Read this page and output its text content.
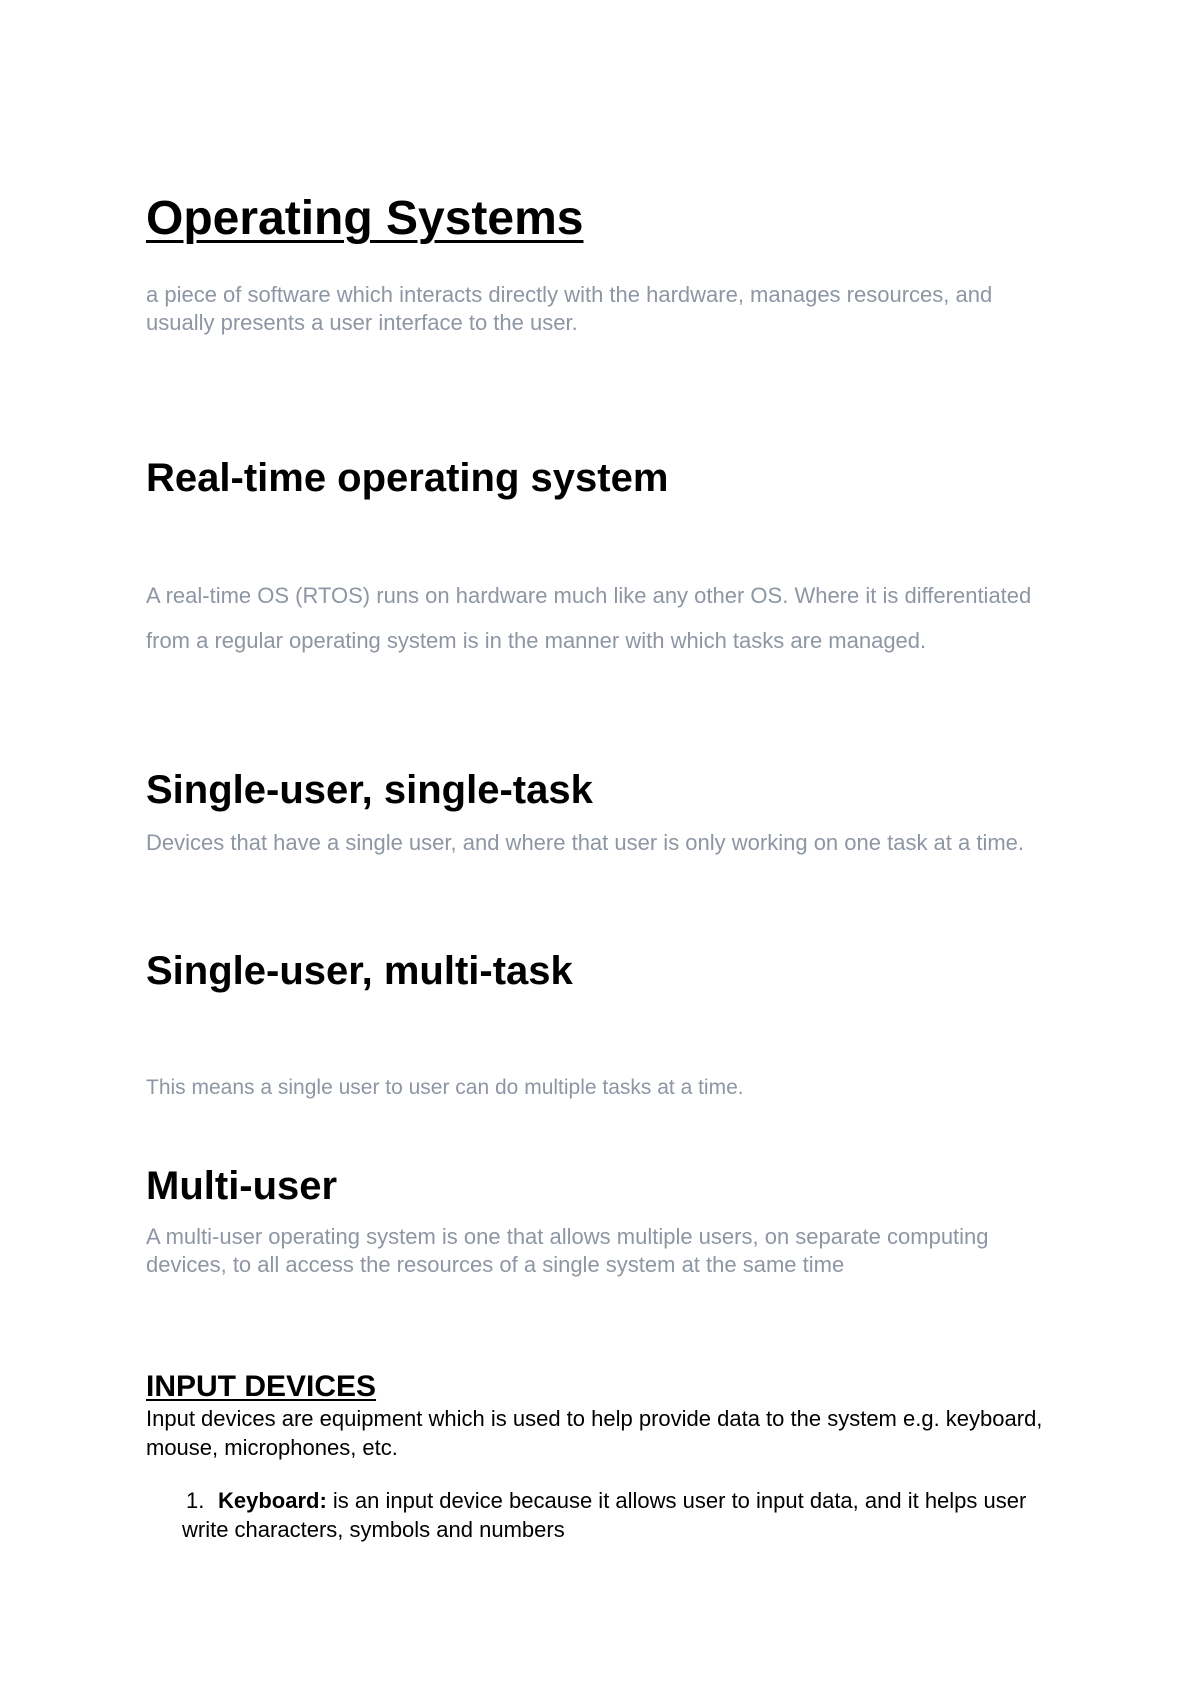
Operating Systems

a piece of software which interacts directly with the hardware, manages resources, and usually presents a user interface to the user.

Real-time operating system

A real-time OS (RTOS) runs on hardware much like any other OS. Where it is differentiated from a regular operating system is in the manner with which tasks are managed.

Single-user, single-task

Devices that have a single user, and where that user is only working on one task at a time.

Single-user, multi-task

This means a single user to user can do multiple tasks at a time.

Multi-user

A multi-user operating system is one that allows multiple users, on separate computing devices, to all access the resources of a single system at the same time

INPUT DEVICES

Input devices are equipment which is used to help provide data to the system e.g. keyboard, mouse, microphones, etc.

1. Keyboard: is an input device because it allows user to input data, and it helps user write characters, symbols and numbers
